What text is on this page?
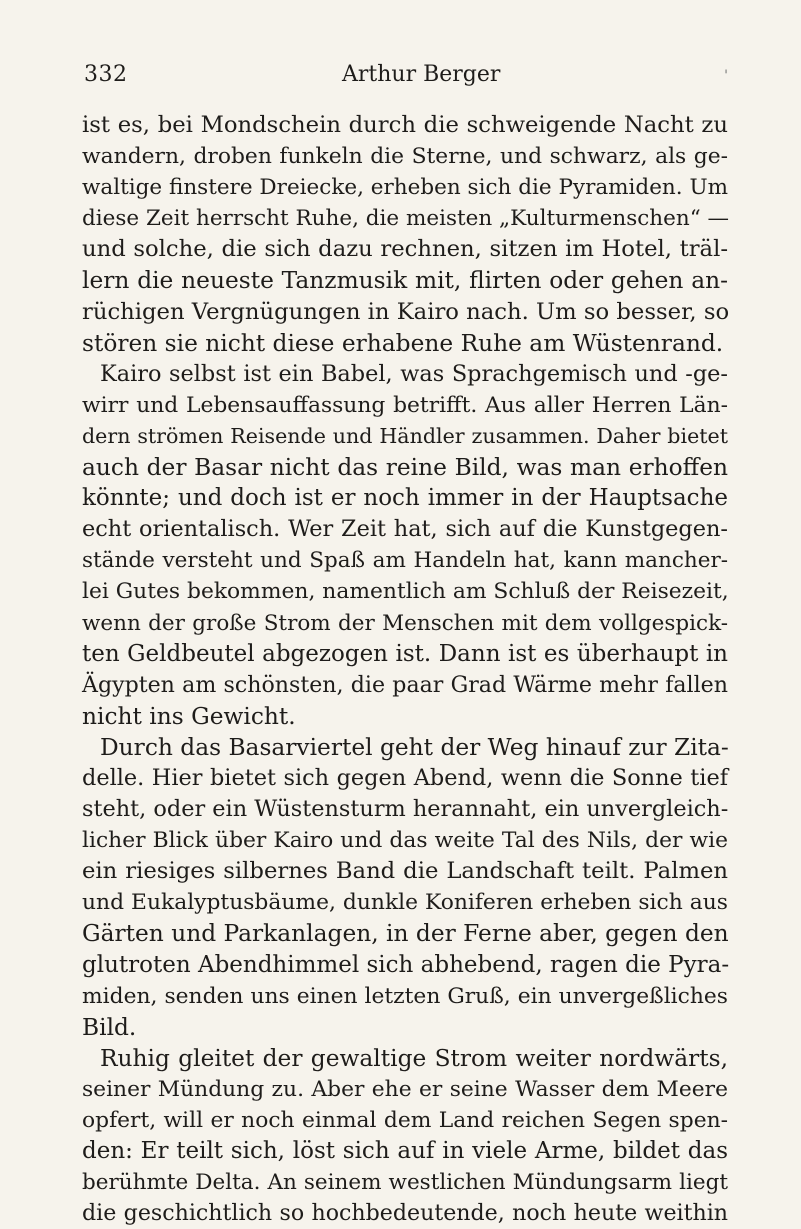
332	Arthur Berger	'
ist es, bei Mondschein durch die schweigende Nacht zu
wandern, droben funkeln die Sterne, und schwarz, als ge-
waltige finstere Dreiecke, erheben sich die Pyramiden. Um
diese Zeit herrscht Ruhe, die meisten „Kulturmenschen“ —
und solche, die sich dazu rechnen, sitzen im Hotel, träl-
lern die neueste Tanzmusik mit, flirten oder gehen an-
rüchigen Vergnügungen in Kairo nach. Um so besser, so
stören sie nicht diese erhabene Ruhe am Wüstenrand.
Kairo selbst ist ein Babel, was Sprachgemisch und -ge-
wirr und Lebensauffassung betrifft. Aus aller Herren Län-
dern strömen Reisende und Händler zusammen. Daher bietet
auch der Basar nicht das reine Bild, was man erhoffen
könnte; und doch ist er noch immer in der Hauptsache
echt orientalisch. Wer Zeit hat, sich auf die Kunstgegen-
stände versteht und Spaß am Handeln hat, kann mancher-
lei Gutes bekommen, namentlich am Schluß der Reisezeit,
wenn der große Strom der Menschen mit dem vollgespick-
ten Geldbeutel abgezogen ist. Dann ist es überhaupt in
Ägypten am schönsten, die paar Grad Wärme mehr fallen
nicht ins Gewicht.
Durch das Basarviertel geht der Weg hinauf zur Zita-
delle. Hier bietet sich gegen Abend, wenn die Sonne tief
steht, oder ein Wüstensturm herannaht, ein unvergleich-
licher Blick über Kairo und das weite Tal des Nils, der wie
ein riesiges silbernes Band die Landschaft teilt. Palmen
und Eukalyptusbäume, dunkle Koniferen erheben sich aus
Gärten und Parkanlagen, in der Ferne aber, gegen den
glutroten Abendhimmel sich abhebend, ragen die Pyra-
miden, senden uns einen letzten Gruß, ein unvergeßliches
Bild.
Ruhig gleitet der gewaltige Strom weiter nordwärts,
seiner Mündung zu. Aber ehe er seine Wasser dem Meere
opfert, will er noch einmal dem Land reichen Segen spen-
den: Er teilt sich, löst sich auf in viele Arme, bildet das
berühmte Delta. An seinem westlichen Mündungsarm liegt
die geschichtlich so hochbedeutende, noch heute weithin
